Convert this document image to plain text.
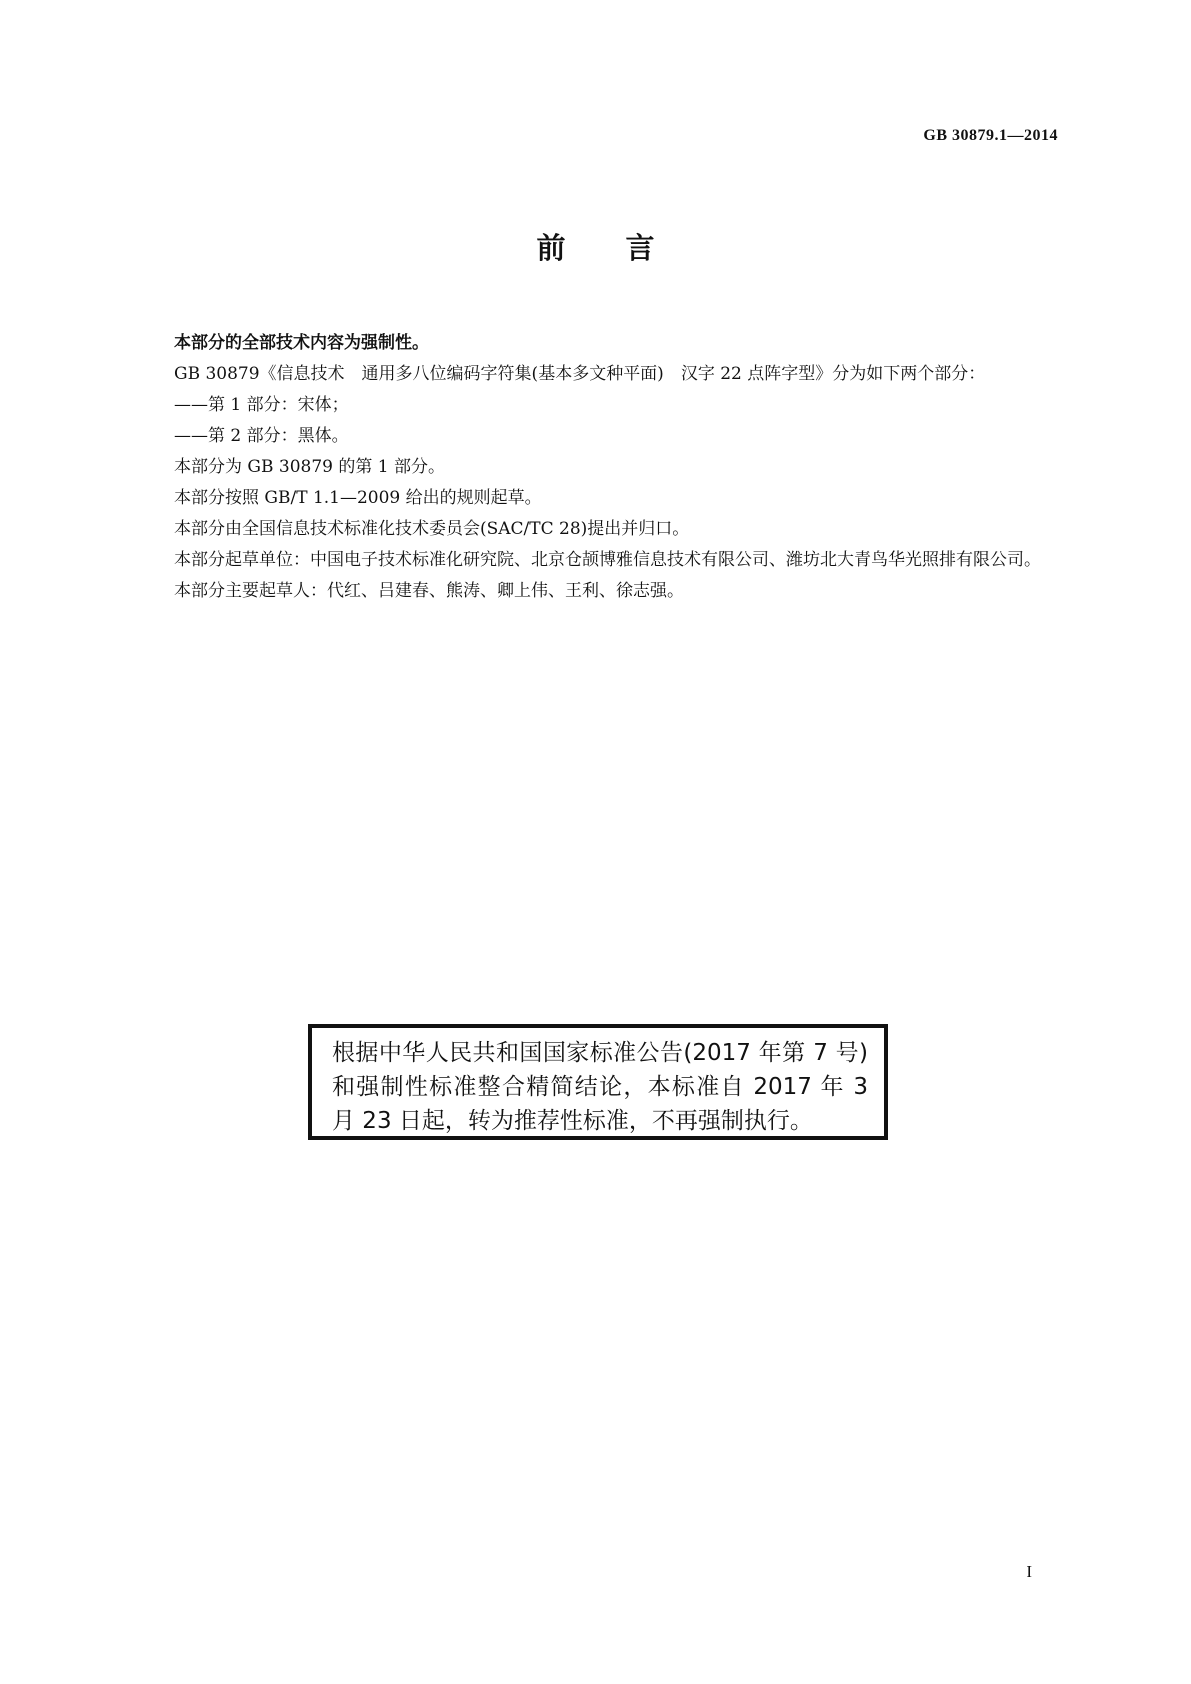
GB 30879.1—2014
前 言

本部分的全部技术内容为强制性。

GB 30879《信息技术　通用多八位编码字符集(基本多文种平面)　汉字 22 点阵字型》分为如下两个部分：

——第 1 部分：宋体；

——第 2 部分：黑体。

本部分为 GB 30879 的第 1 部分。

本部分按照 GB/T 1.1—2009 给出的规则起草。

本部分由全国信息技术标准化技术委员会(SAC/TC 28)提出并归口。

本部分起草单位：中国电子技术标准化研究院、北京仓颉博雅信息技术有限公司、潍坊北大青鸟华光照排有限公司。

本部分主要起草人：代红、吕建春、熊涛、卿上伟、王利、徐志强。

根据中华人民共和国国家标准公告(2017 年第 7 号)和强制性标准整合精简结论，本标准自 2017 年 3 月 23 日起，转为推荐性标准，不再强制执行。
I
